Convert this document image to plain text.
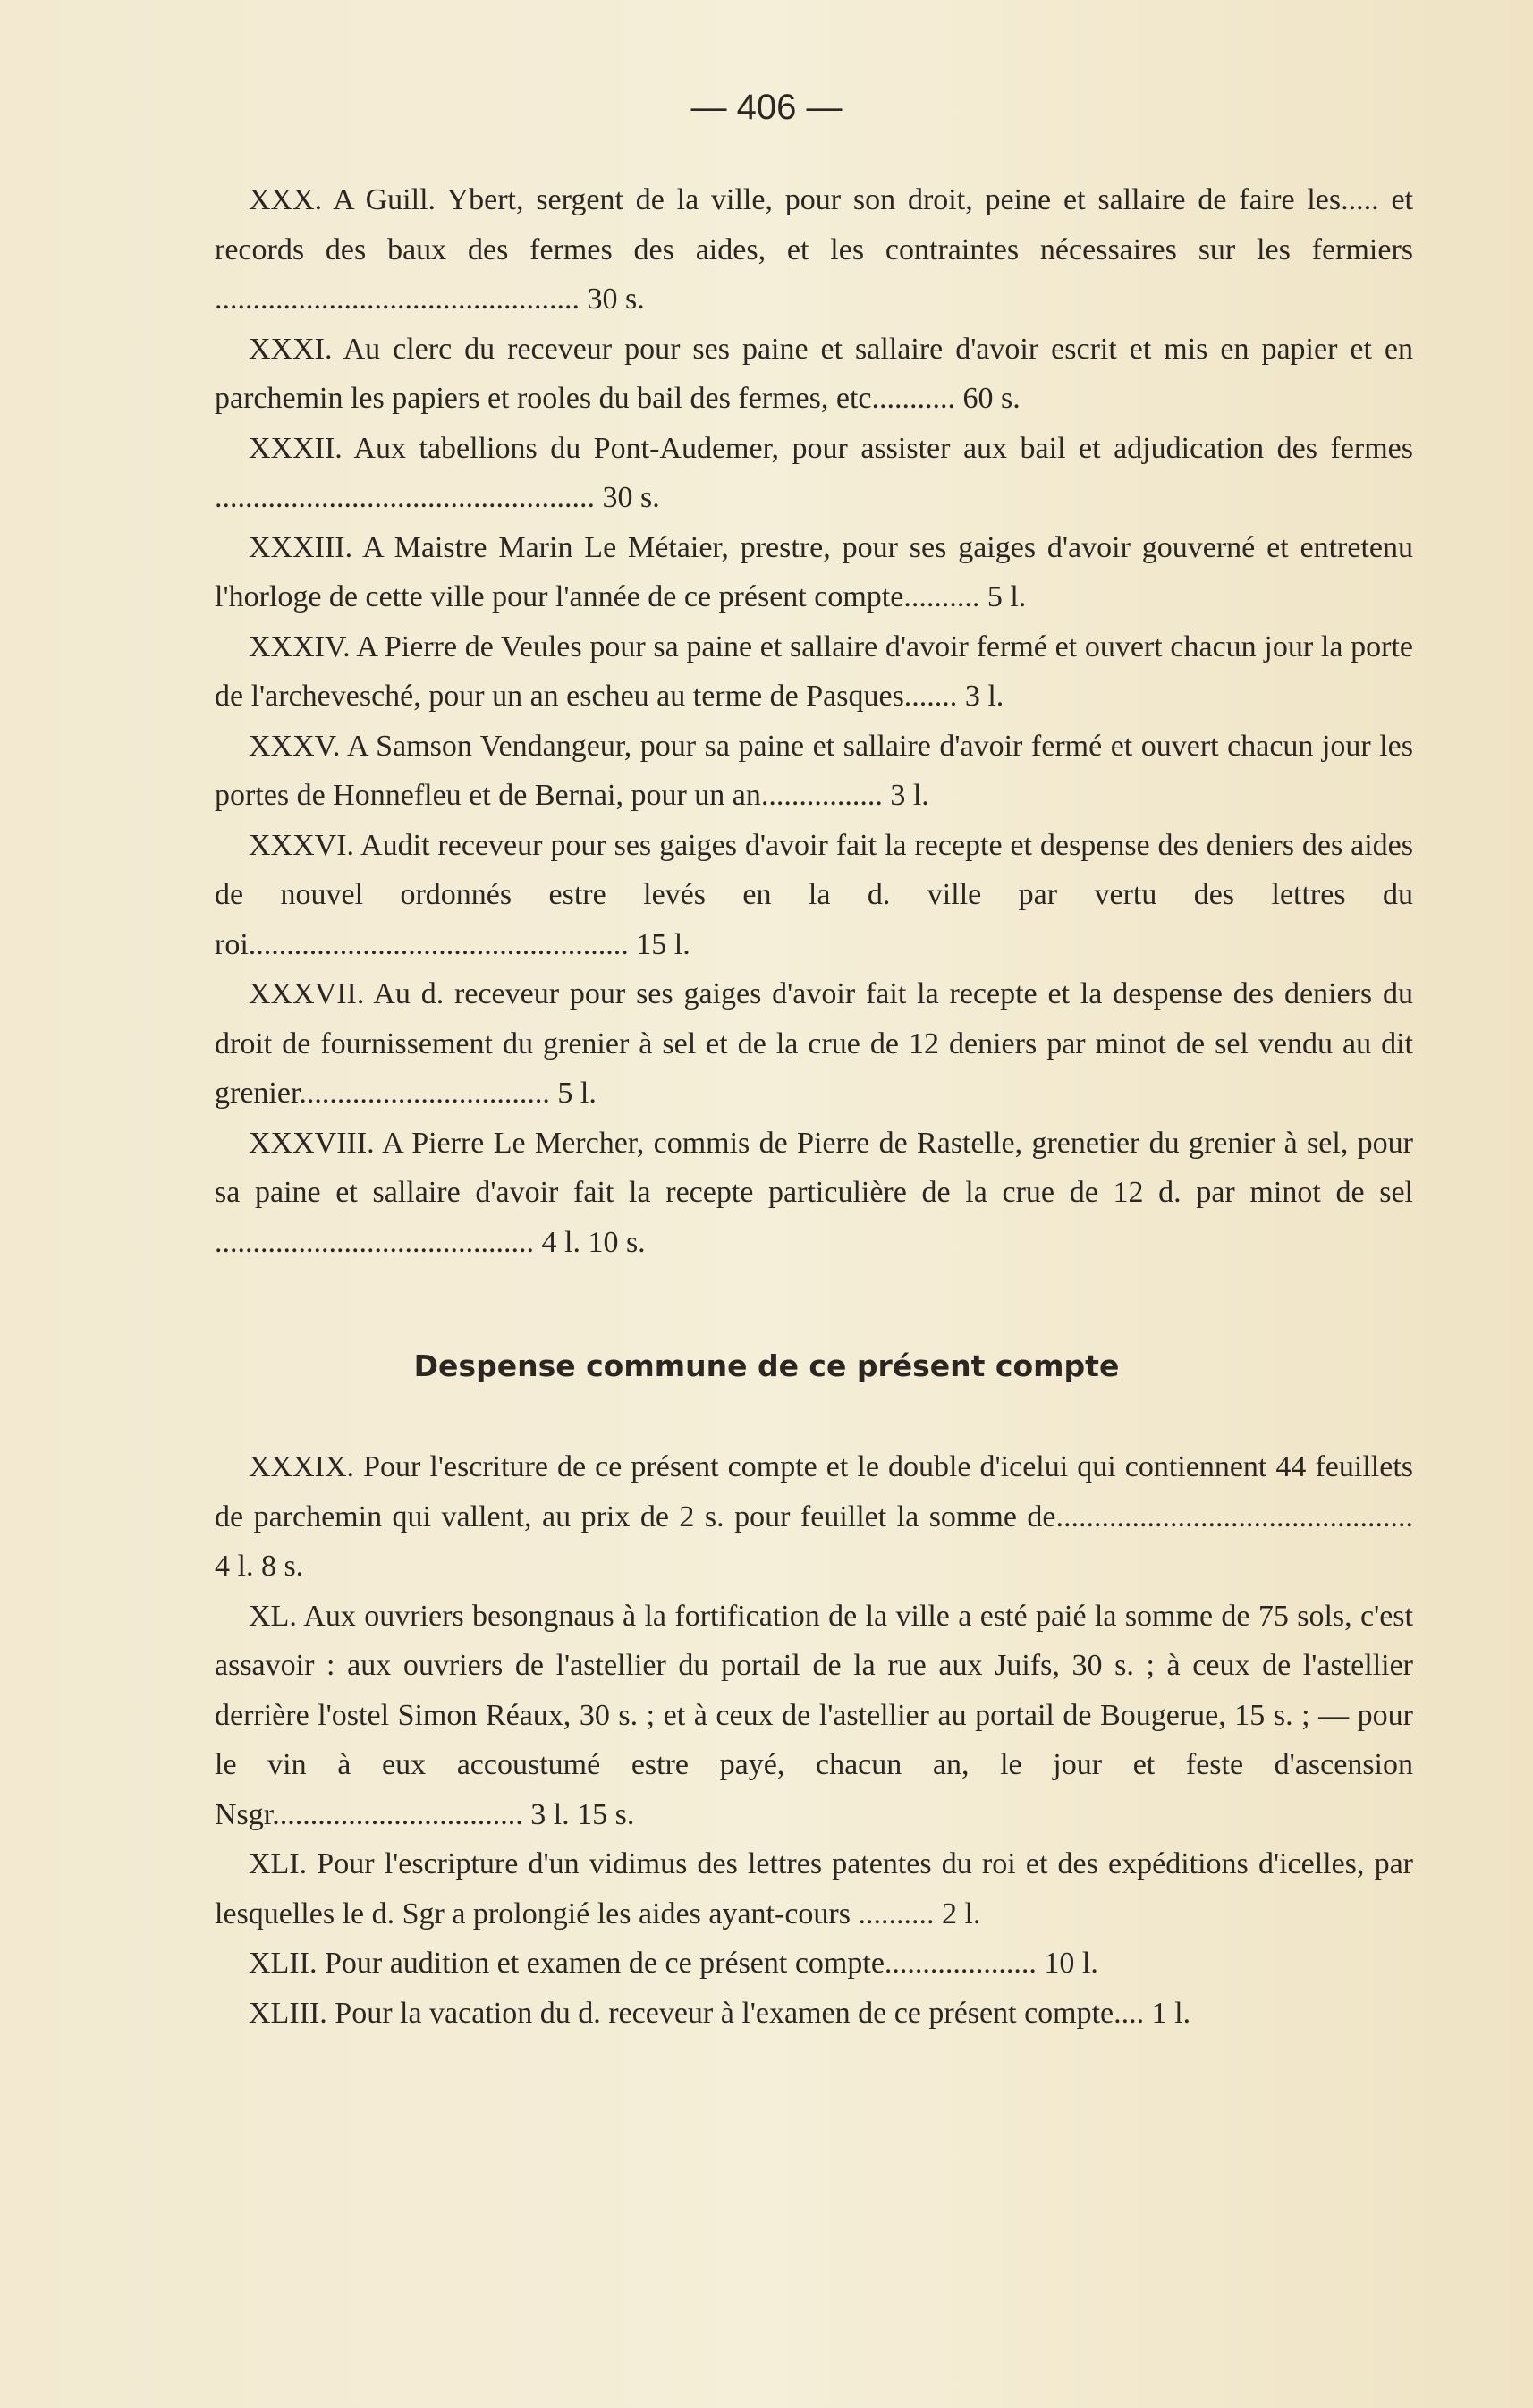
— 406 —

XXX. A Guill. Ybert, sergent de la ville, pour son droit, peine et sallaire de faire les..... et records des baux des fermes des aides, et les contraintes nécessaires sur les fermiers ................................................ 30 s.

XXXI. Au clerc du receveur pour ses paine et sallaire d'avoir escrit et mis en papier et en parchemin les papiers et rooles du bail des fermes, etc........... 60 s.

XXXII. Aux tabellions du Pont-Audemer, pour assister aux bail et adjudication des fermes .................................................. 30 s.

XXXIII. A Maistre Marin Le Métaier, prestre, pour ses gaiges d'avoir gouverné et entretenu l'horloge de cette ville pour l'année de ce présent compte.......... 5 l.

XXXIV. A Pierre de Veules pour sa paine et sallaire d'avoir fermé et ouvert chacun jour la porte de l'archevesché, pour un an escheu au terme de Pasques....... 3 l.

XXXV. A Samson Vendangeur, pour sa paine et sallaire d'avoir fermé et ouvert chacun jour les portes de Honnefleu et de Bernai, pour un an................ 3 l.

XXXVI. Audit receveur pour ses gaiges d'avoir fait la recepte et despense des deniers des aides de nouvel ordonnés estre levés en la d. ville par vertu des lettres du roi.................................................. 15 l.

XXXVII. Au d. receveur pour ses gaiges d'avoir fait la recepte et la despense des deniers du droit de fournissement du grenier à sel et de la crue de 12 deniers par minot de sel vendu au dit grenier................................. 5 l.

XXXVIII. A Pierre Le Mercher, commis de Pierre de Rastelle, grenetier du grenier à sel, pour sa paine et sallaire d'avoir fait la recepte particulière de la crue de 12 d. par minot de sel .......................................... 4 l. 10 s.

Despense commune de ce présent compte

XXXIX. Pour l'escriture de ce présent compte et le double d'icelui qui contiennent 44 feuillets de parchemin qui vallent, au prix de 2 s. pour feuillet la somme de............................................... 4 l. 8 s.

XL. Aux ouvriers besongnaus à la fortification de la ville a esté paié la somme de 75 sols, c'est assavoir : aux ouvriers de l'astellier du portail de la rue aux Juifs, 30 s. ; à ceux de l'astellier derrière l'ostel Simon Réaux, 30 s. ; et à ceux de l'astellier au portail de Bougerue, 15 s. ; — pour le vin à eux accoustumé estre payé, chacun an, le jour et feste d'ascension Nsgr................................. 3 l. 15 s.

XLI. Pour l'escripture d'un vidimus des lettres patentes du roi et des expéditions d'icelles, par lesquelles le d. Sgr a prolongié les aides ayant-cours .......... 2 l.

XLII. Pour audition et examen de ce présent compte.................... 10 l.

XLIII. Pour la vacation du d. receveur à l'examen de ce présent compte.... 1 l.
